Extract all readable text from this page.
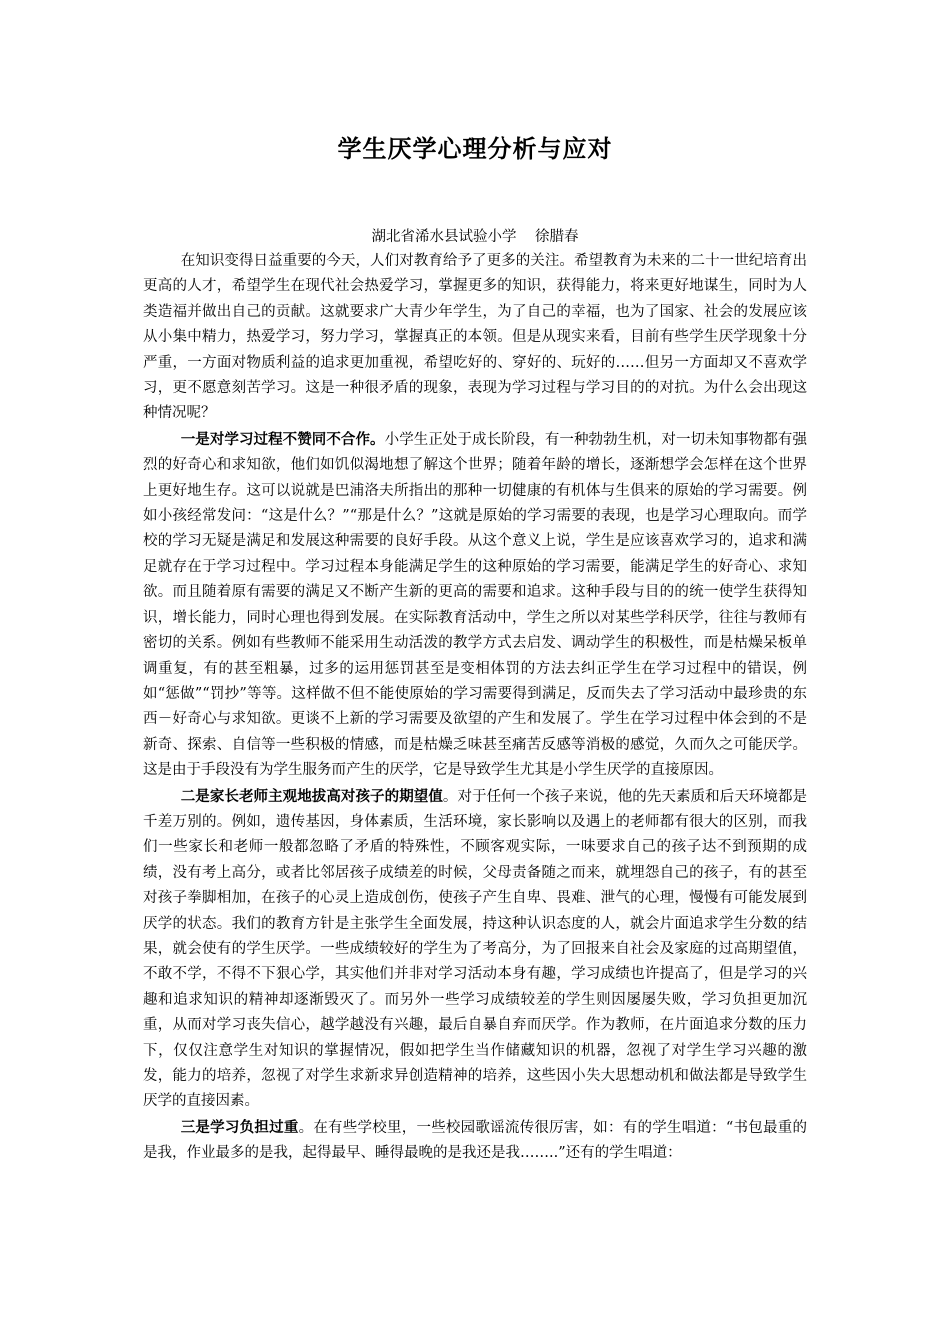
学生厌学心理分析与应对
湖北省浠水县试验小学    徐腊春

在知识变得日益重要的今天，人们对教育给予了更多的关注。希望教育为未来的二十一世纪培育出更高的人才，希望学生在现代社会热爱学习，掌握更多的知识，获得能力，将来更好地谋生，同时为人类造福并做出自己的贡献。这就要求广大青少年学生，为了自己的幸福，也为了国家、社会的发展应该从小集中精力，热爱学习，努力学习，掌握真正的本领。但是从现实来看，目前有些学生厌学现象十分严重，一方面对物质利益的追求更加重视，希望吃好的、穿好的、玩好的……但另一方面却又不喜欢学习，更不愿意刻苦学习。这是一种很矛盾的现象，表现为学习过程与学习目的的对抗。为什么会出现这种情况呢？

一是对学习过程不赞同不合作。小学生正处于成长阶段，有一种勃勃生机，对一切未知事物都有强烈的好奇心和求知欲，他们如饥似渴地想了解这个世界；随着年龄的增长，逐渐想学会怎样在这个世界上更好地生存。这可以说就是巴浦洛夫所指出的那种一切健康的有机体与生俱来的原始的学习需要。例如小孩经常发问：“这是什么？”“那是什么？”这就是原始的学习需要的表现，也是学习心理取向。而学校的学习无疑是满足和发展这种需要的良好手段。从这个意义上说，学生是应该喜欢学习的，追求和满足就存在于学习过程中。学习过程本身能满足学生的这种原始的学习需要，能满足学生的好奇心、求知欲。而且随着原有需要的满足又不断产生新的更高的需要和追求。这种手段与目的的统一使学生获得知识，增长能力，同时心理也得到发展。在实际教育活动中，学生之所以对某些学科厌学，往往与教师有密切的关系。例如有些教师不能采用生动活泼的教学方式去启发、调动学生的积极性，而是枯燥呆板单调重复，有的甚至粗暴，过多的运用惩罚甚至是变相体罚的方法去纠正学生在学习过程中的错误，例如“惩做”“罚抄”等等。这样做不但不能使原始的学习需要得到满足，反而失去了学习活动中最珍贵的东西－好奇心与求知欲。更谈不上新的学习需要及欲望的产生和发展了。学生在学习过程中体会到的不是新奇、探索、自信等一些积极的情感，而是枯燥乏味甚至痛苦反感等消极的感觉，久而久之可能厌学。这是由于手段没有为学生服务而产生的厌学，它是导致学生尤其是小学生厌学的直接原因。

二是家长老师主观地拔高对孩子的期望值。对于任何一个孩子来说，他的先天素质和后天环境都是千差万别的。例如，遗传基因，身体素质，生活环境，家长影响以及遇上的老师都有很大的区别，而我们一些家长和老师一般都忽略了矛盾的特殊性，不顾客观实际，一味要求自己的孩子达不到预期的成绩，没有考上高分，或者比邻居孩子成绩差的时候，父母责备随之而来，就埋怨自己的孩子，有的甚至对孩子拳脚相加，在孩子的心灵上造成创伤，使孩子产生自卑、畏难、泄气的心理，慢慢有可能发展到厌学的状态。我们的教育方针是主张学生全面发展，持这种认识态度的人，就会片面追求学生分数的结果，就会使有的学生厌学。一些成绩较好的学生为了考高分，为了回报来自社会及家庭的过高期望值，不敢不学，不得不下狠心学，其实他们并非对学习活动本身有趣，学习成绩也许提高了，但是学习的兴趣和追求知识的精神却逐渐毁灭了。而另外一些学习成绩较差的学生则因屡屡失败，学习负担更加沉重，从而对学习丧失信心，越学越没有兴趣，最后自暴自弃而厌学。作为教师，在片面追求分数的压力下，仅仅注意学生对知识的掌握情况，假如把学生当作储藏知识的机器，忽视了对学生学习兴趣的激发，能力的培养，忽视了对学生求新求异创造精神的培养，这些因小失大思想动机和做法都是导致学生厌学的直接因素。

三是学习负担过重。在有些学校里，一些校园歌谣流传很厉害，如：有的学生唱道：“书包最重的是我，作业最多的是我，起得最早、睡得最晚的是我还是我……..”还有的学生唱道：
